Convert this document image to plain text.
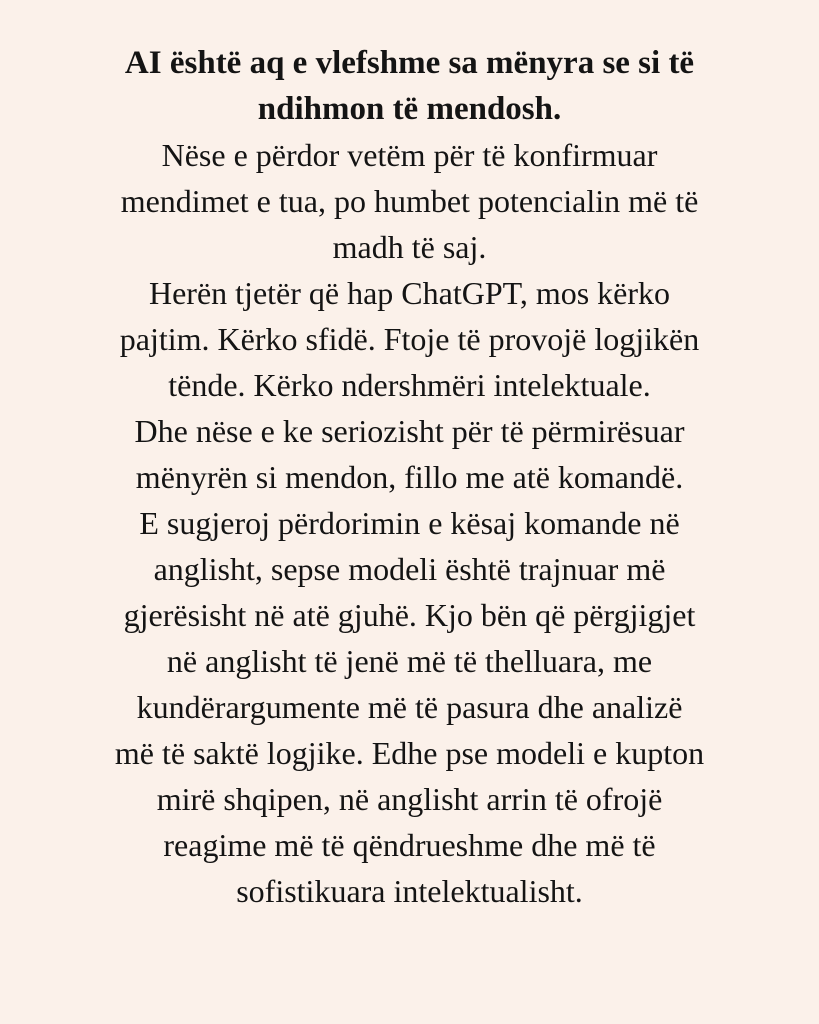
AI është aq e vlefshme sa mënyra se si të
ndihmon të mendosh.
Nëse e përdor vetëm për të konfirmuar
mendimet e tua, po humbet potencialin më të
madh të saj.
Herën tjetër që hap ChatGPT, mos kërko
pajtim. Kërko sfidë. Ftoje të provojë logjikën
tënde. Kërko ndershmëri intelektuale.
Dhe nëse e ke seriozisht për të përmirësuar
mënyrën si mendon, fillo me atë komandë.
E sugjeroj përdorimin e kësaj komande në
anglisht, sepse modeli është trajnuar më
gjerësisht në atë gjuhë. Kjo bën që përgjigjet
në anglisht të jenë më të thelluara, me
kundërargumente më të pasura dhe analizë
më të saktë logjike. Edhe pse modeli e kupton
mirë shqipen, në anglisht arrin të ofrojë
reagime më të qëndrueshme dhe më të
sofistikuara intelektualisht.
